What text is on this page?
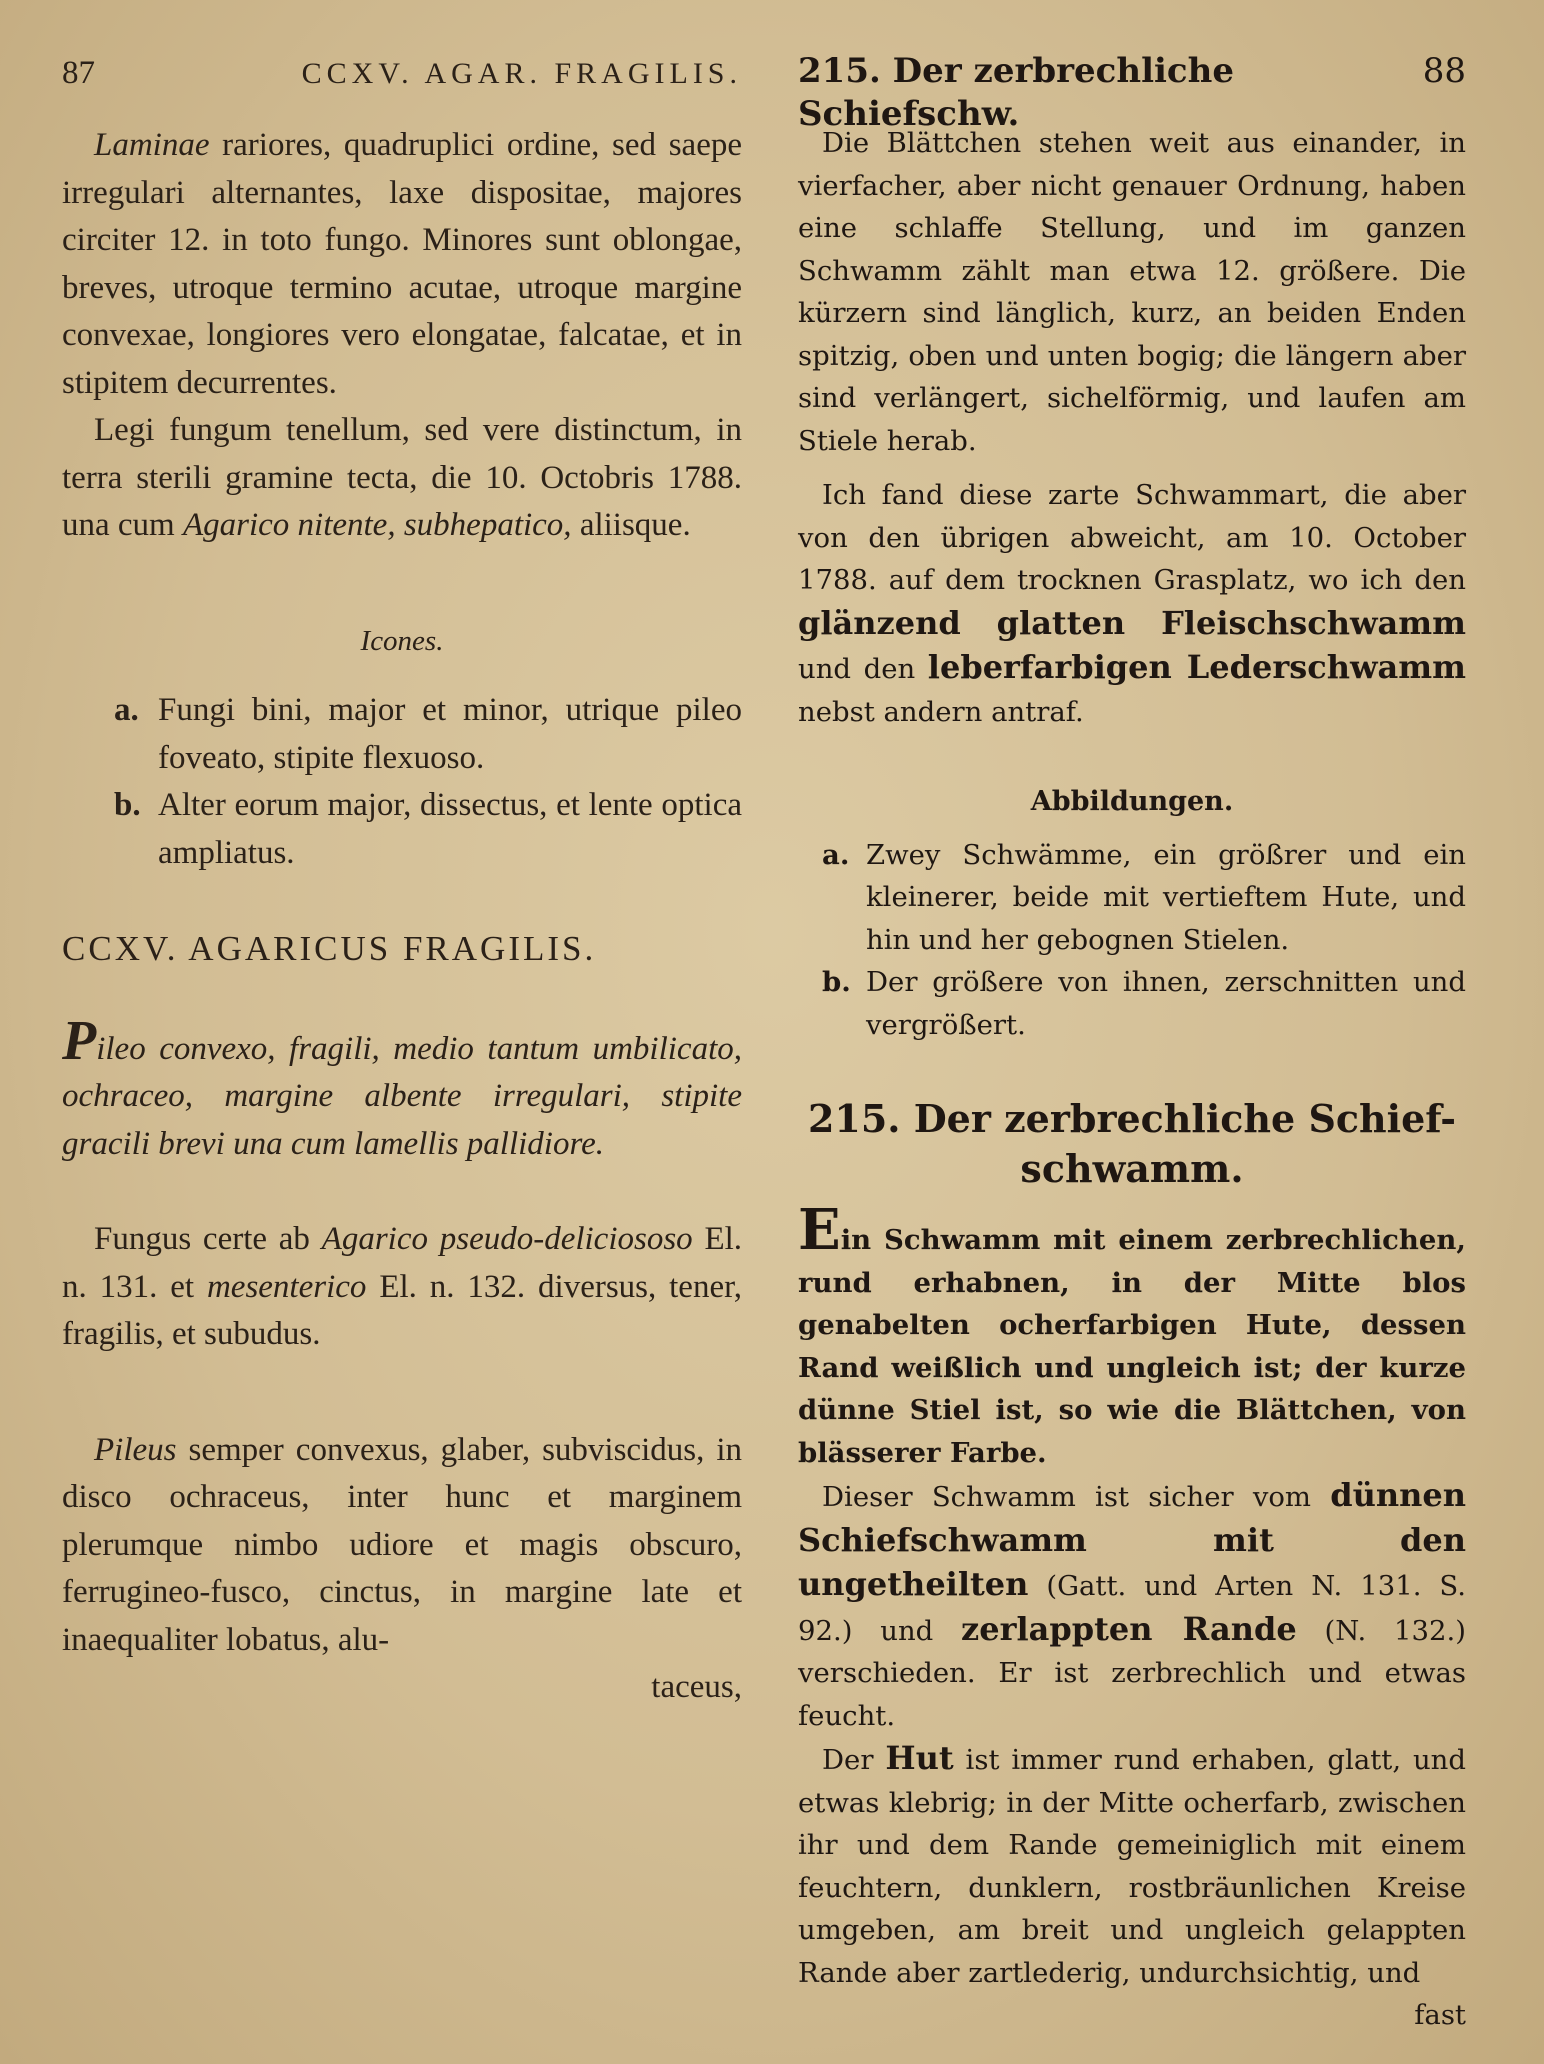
87	CCXV. AGAR. FRAGILIS.

Laminae rariores, quadruplici ordine, sed saepe irregulari alternantes, laxe dispositae, majores circiter 12. in toto fungo. Minores sunt oblongae, breves, utroque termino acutae, utroque margine convexae, longiores vero elongatae, falcatae, et in stipitem decurrentes.

Legi fungum tenellum, sed vere distinctum, in terra sterili gramine tecta, die 10. Octobris 1788. una cum Agarico nitente, subhepatico, aliisque.

Icones.

a. Fungi bini, major et minor, utrique pileo foveato, stipite flexuoso.
b. Alter eorum major, dissectus, et lente optica ampliatus.

CCXV. AGARICUS FRAGILIS.

Pileo convexo, fragili, medio tantum umbilicato, ochraceo, margine albente irregulari, stipite gracili brevi una cum lamellis pallidiore.

Fungus certe ab Agarico pseudo-deliciososo El. n. 131. et mesenterico El. n. 132. diversus, tener, fragilis, et subudus.

Pileus semper convexus, glaber, subviscidus, in disco ochraceus, inter hunc et marginem plerumque nimbo udiore et magis obscuro, ferrugineo-fusco, cinctus, in margine late et inaequaliter lobatus, alu-

taceus,

215. Der zerbrechliche Schiefschw.
88

Die Blättchen stehen weit aus einander, in vierfacher, aber nicht genauer Ordnung, haben eine schlaffe Stellung, und im ganzen Schwamm zählt man etwa 12. größere. Die kürzern sind länglich, kurz, an beiden Enden spitzig, oben und unten bogig; die längern aber sind verlängert, sichelförmig, und laufen am Stiele herab.

Ich fand diese zarte Schwammart, die aber von den übrigen abweicht, am 10. October 1788. auf dem trocknen Grasplatz, wo ich den glänzend glatten Fleischschwamm und den leberfarbigen Lederschwamm nebst andern antraf.

Abbildungen.

a. Zwey Schwämme, ein größrer und ein kleinerer, beide mit vertieftem Hute, und hin und her gebognen Stielen.
b. Der größere von ihnen, zerschnitten und vergrößert.

215. Der zerbrechliche Schief-

schwamm.

Ein Schwamm mit einem zerbrechlichen, rund erhabnen, in der Mitte blos genabelten ocherfarbigen Hute, dessen Rand weißlich und ungleich ist; der kurze dünne Stiel ist, so wie die Blättchen, von blässerer Farbe.

Dieser Schwamm ist sicher vom dünnen Schiefschwamm mit den ungetheilten (Gatt. und Arten N. 131. S. 92.) und zerlappten Rande (N. 132.) verschieden. Er ist zerbrechlich und etwas feucht.

Der Hut ist immer rund erhaben, glatt, und etwas klebrig; in der Mitte ocherfarb, zwischen ihr und dem Rande gemeiniglich mit einem feuchtern, dunklern, rostbräunlichen Kreise umgeben, am breit und ungleich gelappten Rande aber zartlederig, undurchsichtig, und

fast
